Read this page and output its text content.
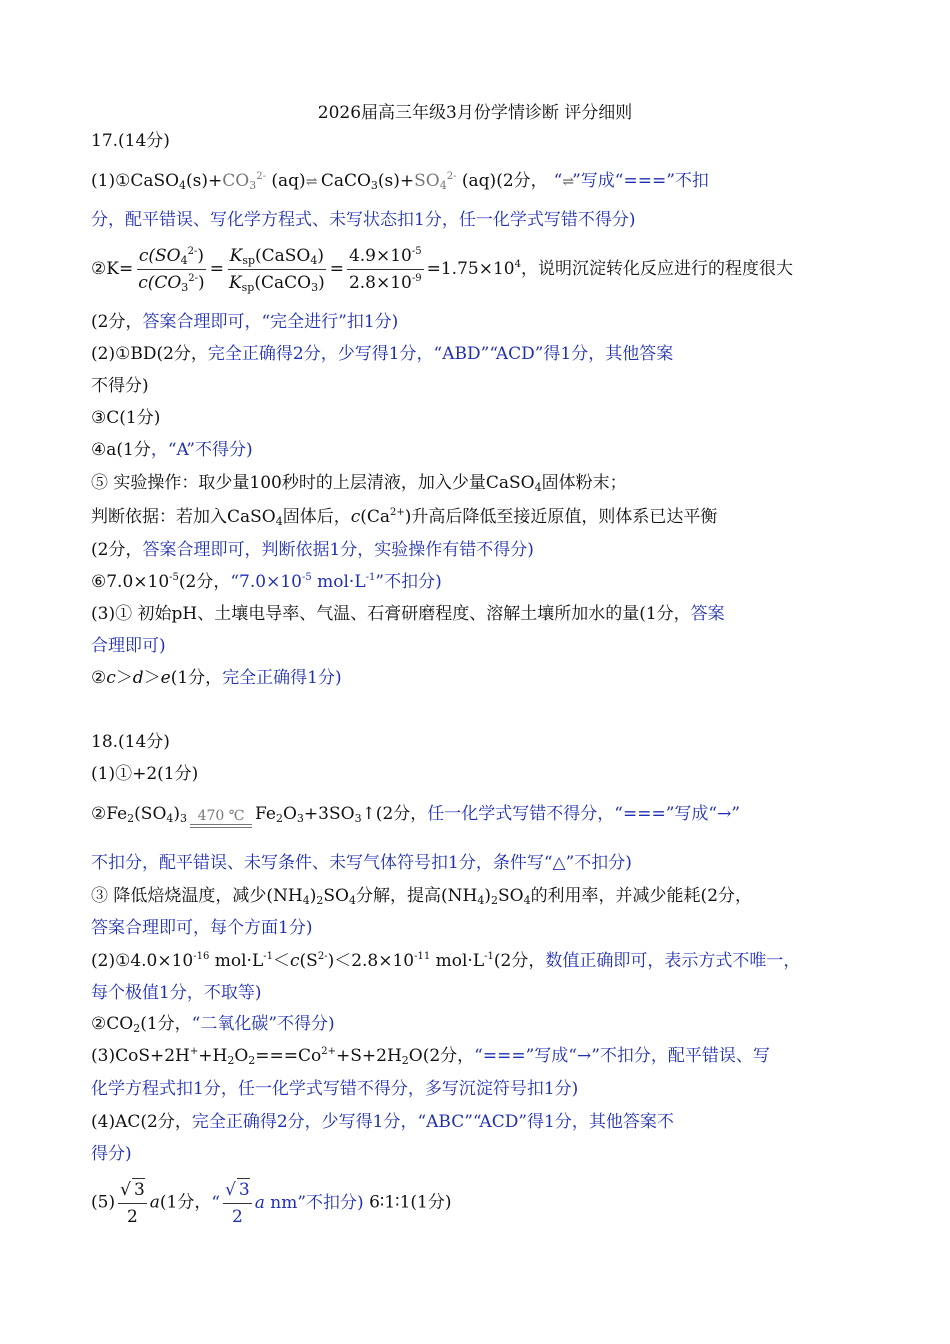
2026届高三年级3月份学情诊断 评分细则
17.(14分)
$(1)①CaSO_4(s)+CO_3^{2-}$ (aq)⇌ $CaCO_3(s)+SO_4^{2-}$ (aq)(2分， “⇌”写成“===”不扣
分，配平错误、写化学方程式、未写状态扣1分，任一化学式写错不得分)
②K= $\frac{c(SO_4^{2-})}{c(CO_3^{2-})} = \frac{K_{sp}(CaSO_4)}{K_{sp}(CaCO_3)} = \frac{4.9\times 10^{-5}}{2.8\times 10^{-9}} =1.75\times 10^4$，说明沉淀转化反应进行的程度很大
(2分，答案合理即可，“完全进行”扣1分)
(2)①BD(2分，完全正确得2分，少写得1分，“ABD”“ACD”得1分，其他答案
不得分)
③C(1分)
④a(1分，“A”不得分)
⑤ 实验操作：取少量100秒时的上层清液，加入少量CaSO$_4$固体粉末；
判断依据：若加入CaSO$_4$固体后，$c(Ca^{2+})$升高后降低至接近原值，则体系已达平衡
(2分，答案合理即可，判断依据1分，实验操作有错不得分)
$⑥7.0\times 10^{-5}(2$分，“$7.0\times 10^{-5}$ $mol\cdot L^{-1}$”不扣分)
(3)① 初始pH、土壤电导率、气温、石膏研磨程度、溶解土壤所加水的量(1分，答案
合理即可)
②c＞d＞e(1分，完全正确得1分)
18.(14分)
(1)①+2(1分)
$②Fe_2(SO_4)_3$ 470 ℃ $Fe_2O_3+3SO_3↑(2$分，任一化学式写错不得分，“===”写成“→”
不扣分，配平错误、未写条件、未写气体符号扣1分，条件写“△”不扣分)
③ 降低焙烧温度，减少$(NH_4)_2SO_4$分解，提高$(NH_4)_2SO_4$的利用率，并减少能耗(2分，
答案合理即可，每个方面1分)
$(2)①4.0\times 10^{-16}$ $mol\cdot L^{-1}<c(S^{2-})<2.8\times 10^{-11}$ $mol\cdot L^{-1}(2$分，数值正确即可，表示方式不唯一，
每个极值1分，不取等)
$②CO_2(1$分，“二氧化碳”不得分)
$(3)CoS+2H^++H_2O_2===Co^{2+}+S+2H_2O(2$分，“===”写成“→”不扣分，配平错误、写
化学方程式扣1分，任一化学式写错不得分，多写沉淀符号扣1分)
(4)AC(2分，完全正确得2分，少写得1分，“ABC”“ACD”得1分，其他答案不
得分)
$(5) \frac{√ 3}{2} a(1$分，“ $\frac{√ 3}{2}$ a nm”不扣分) 6∶1∶1(1分)
